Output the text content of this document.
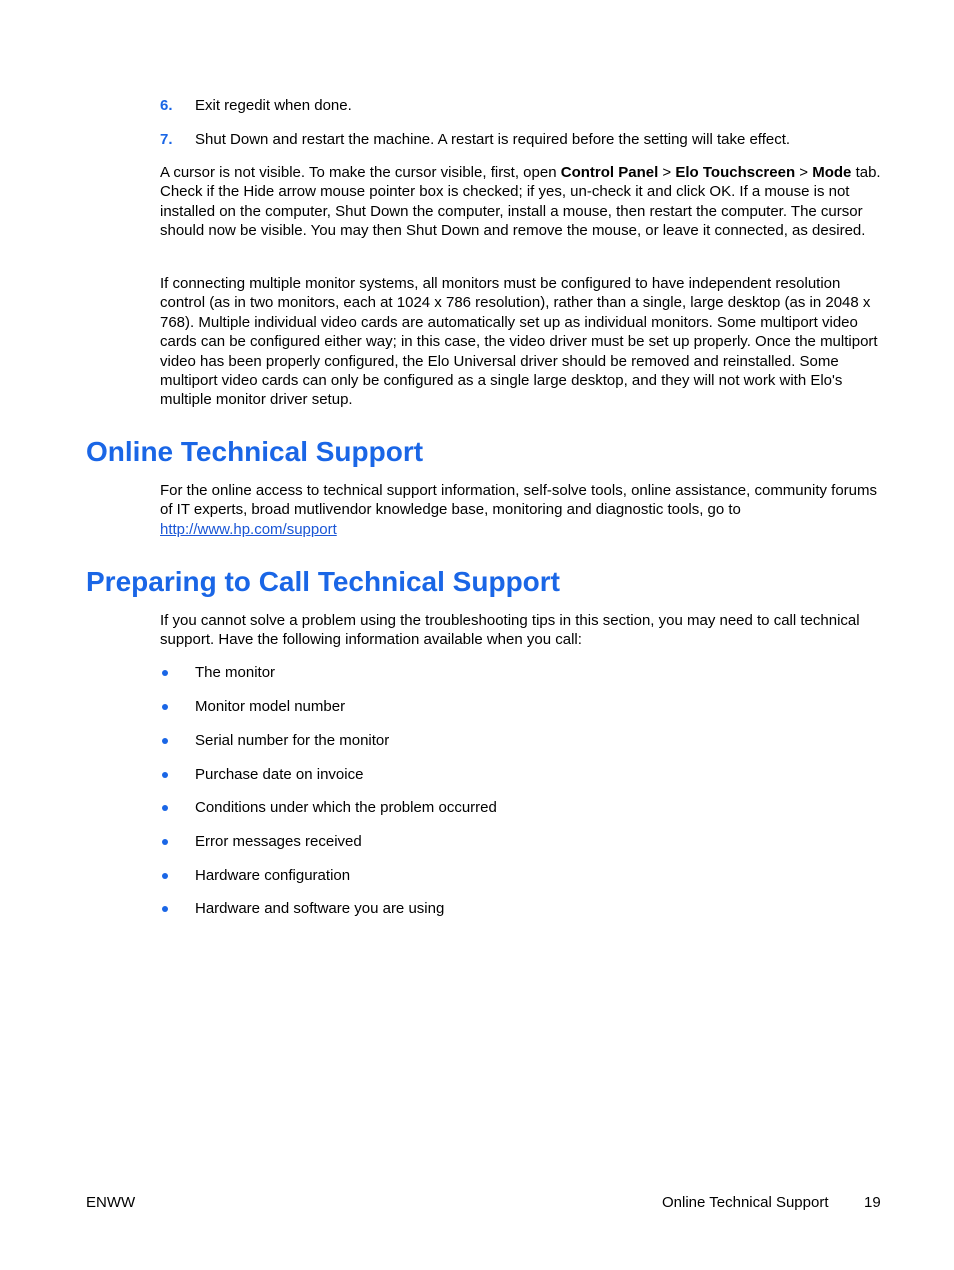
6. Exit regedit when done.
7. Shut Down and restart the machine. A restart is required before the setting will take effect.

A cursor is not visible. To make the cursor visible, first, open Control Panel > Elo Touchscreen > Mode tab. Check if the Hide arrow mouse pointer box is checked; if yes, un-check it and click OK. If a mouse is not installed on the computer, Shut Down the computer, install a mouse, then restart the computer. The cursor should now be visible. You may then Shut Down and remove the mouse, or leave it connected, as desired.

If connecting multiple monitor systems, all monitors must be configured to have independent resolution control (as in two monitors, each at 1024 x 786 resolution), rather than a single, large desktop (as in 2048 x 768). Multiple individual video cards are automatically set up as individual monitors. Some multiport video cards can be configured either way; in this case, the video driver must be set up properly. Once the multiport video has been properly configured, the Elo Universal driver should be removed and reinstalled. Some multiport video cards can only be configured as a single large desktop, and they will not work with Elo's multiple monitor driver setup.

Online Technical Support

For the online access to technical support information, self-solve tools, online assistance, community forums of IT experts, broad mutlivendor knowledge base, monitoring and diagnostic tools, go to http://www.hp.com/support

Preparing to Call Technical Support

If you cannot solve a problem using the troubleshooting tips in this section, you may need to call technical support. Have the following information available when you call:

The monitor
Monitor model number
Serial number for the monitor
Purchase date on invoice
Conditions under which the problem occurred
Error messages received
Hardware configuration
Hardware and software you are using
ENWW	Online Technical Support 19
